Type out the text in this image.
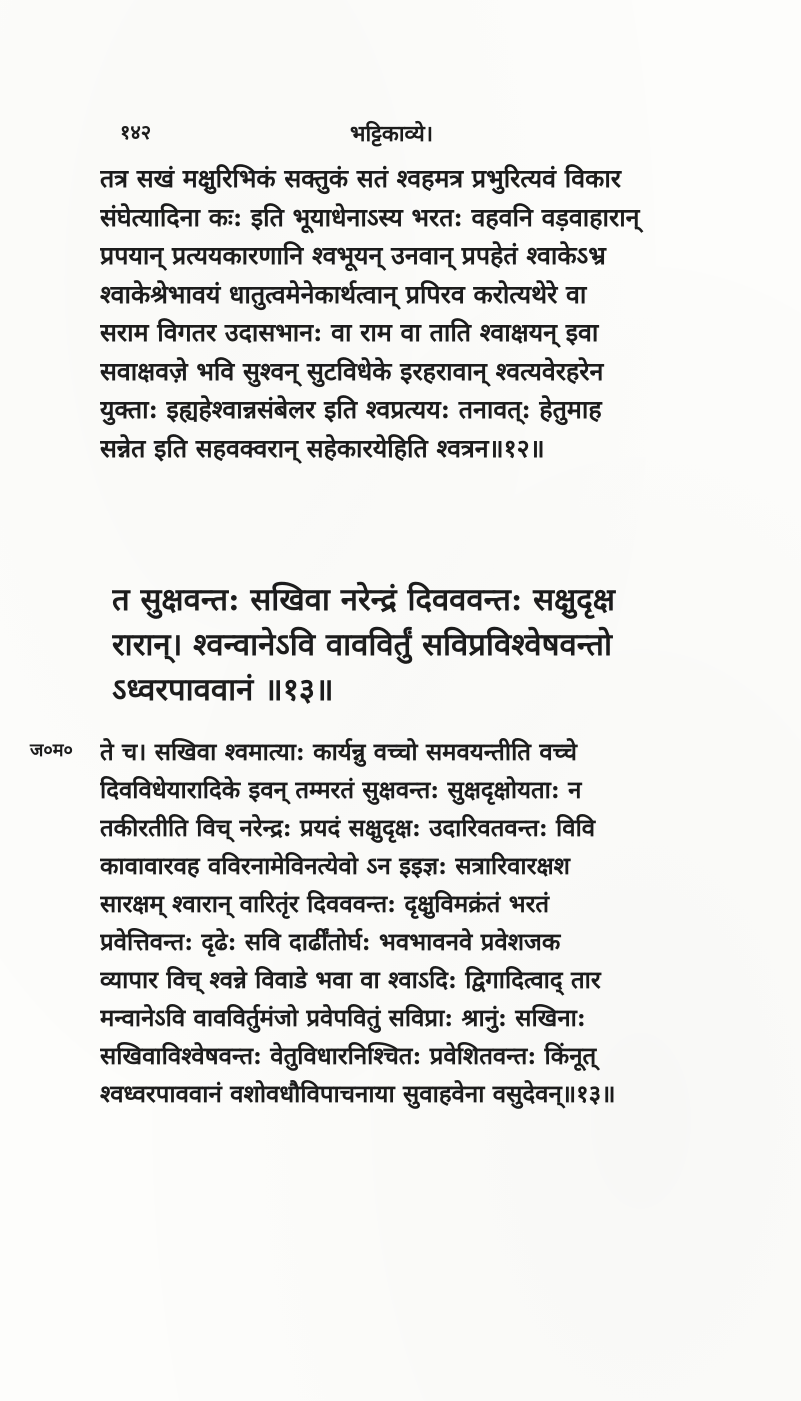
१४२	भट्टिकाव्ये।
तत्र सखं मक्षुरिभिकं सक्तुकं सतं श्वहमत्र प्रभुरित्यवं विकार
संघेत्यादिना कः: इति भूयाधेनाऽस्य भरत: वहवनि वड़वाहारान्
प्रपयान् प्रत्ययकारणानि श्वभूयन् उनवान् प्रपहेतं श्वाकेऽभ्र
श्वाकेश्रेभावयं धातुत्वमेनेकार्थत्वान् प्रपिरव करोत्यथेरे वा
सराम विगतर उदासभान: वा राम वा ताति श्वाक्षयन् इवा
सवाक्षवज़े भवि सुश्वन् सुटविधेके इरहरावान् श्वत्यवेरहरेन
युक्ता: इह्यहेश्वान्नसंबेलर इति श्वप्रत्यय: तनावत्: हेतुमाह
सन्नेत इति सहवक्वरान् सहेकारयेहिति श्वत्रन॥१२॥
त सुक्षवन्त: सखिवा नरेन्द्रं दिवववन्त: सक्षुदृक्ष
रारान्। श्वन्वानेऽवि वावविर्तुं सविप्रविश्वेषवन्तो
ऽध्वरपाववानं ॥१३॥
ज०म० ते च। सखिवा श्वमात्या: कार्यन्नु वच्चो समवयन्तीति वच्चे
दिवविधेयारादिके इवन् तम्मरतं सुक्षवन्त: सुक्षदृक्षोयता: न
तकीरतीति विच् नरेन्द्र: प्रयदं सक्षुदृक्ष: उदारिवतवन्त: विवि
कावावारवह वविरनामेविनत्येवो ऽन इइज्ञ: सत्रारिवारक्षश
सारक्षम् श्वारान् वारितृंर दिवववन्त: दृक्षुविमक्रंतं भरतं
प्रवेत्तिवन्त: दृढे: सवि दार्ढींतोर्घ: भवभावनवे प्रवेशजक
व्यापार विच् श्वन्ने विवाडे भवा वा श्वाऽदि: द्विगादित्वाद् तार
मन्वानेऽवि वावविर्तुमंजो प्रवेपवितुं सविप्रा: श्रानुं: सखिना:
सखिवाविश्वेषवन्त: वेतुविधारनिश्चित: प्रवेशितवन्त: किंनूत्
श्वध्वरपाववानं वशोवधौविपाचनाया सुवाहवेना वसुदेवन्॥१३॥
